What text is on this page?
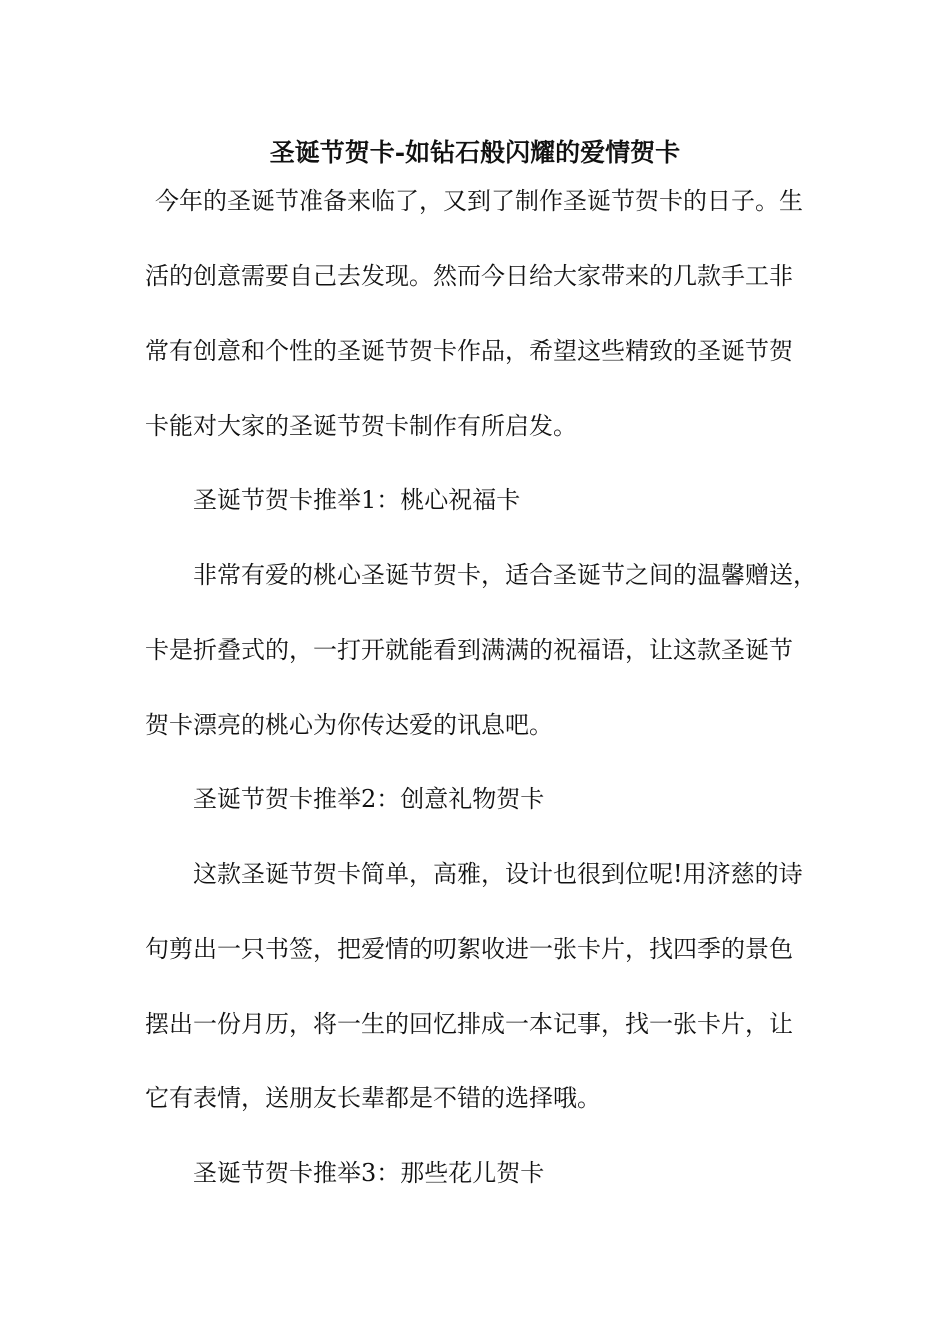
圣诞节贺卡-如钻石般闪耀的爱情贺卡
今年的圣诞节准备来临了，又到了制作圣诞节贺卡的日子。生
活的创意需要自己去发现。然而今日给大家带来的几款手工非
常有创意和个性的圣诞节贺卡作品，希望这些精致的圣诞节贺
卡能对大家的圣诞节贺卡制作有所启发。
圣诞节贺卡推举1：桃心祝福卡
非常有爱的桃心圣诞节贺卡，适合圣诞节之间的温馨赠送，
卡是折叠式的，一打开就能看到满满的祝福语，让这款圣诞节
贺卡漂亮的桃心为你传达爱的讯息吧。
圣诞节贺卡推举2：创意礼物贺卡
这款圣诞节贺卡简单，高雅，设计也很到位呢!用济慈的诗
句剪出一只书签，把爱情的叨絮收进一张卡片，找四季的景色
摆出一份月历，将一生的回忆排成一本记事，找一张卡片，让
它有表情，送朋友长辈都是不错的选择哦。
圣诞节贺卡推举3：那些花儿贺卡
